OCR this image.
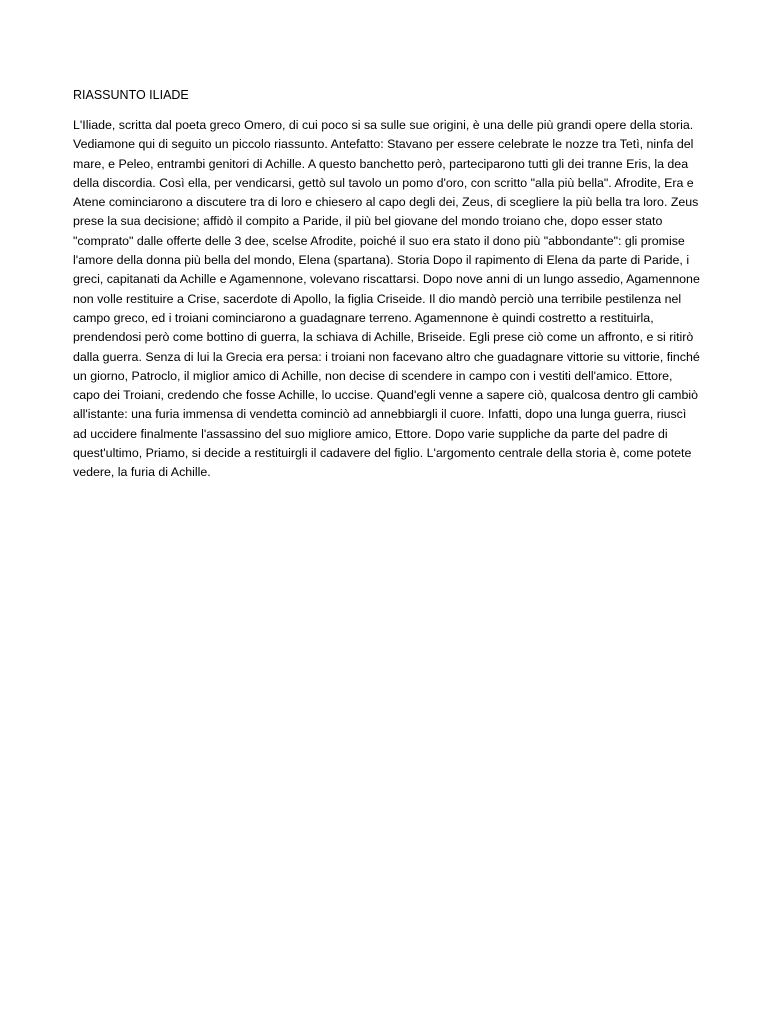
RIASSUNTO ILIADE

L'Iliade, scritta dal poeta greco Omero, di cui poco si sa sulle sue origini, è una delle più grandi opere della storia. Vediamone qui di seguito un piccolo riassunto. Antefatto: Stavano per essere celebrate le nozze tra Tetì, ninfa del mare, e Peleo, entrambi genitori di Achille. A questo banchetto però, parteciparono tutti gli dei tranne Eris, la dea della discordia. Così ella, per vendicarsi, gettò sul tavolo un pomo d'oro, con scritto "alla più bella". Afrodite, Era e Atene cominciarono a discutere tra di loro e chiesero al capo degli dei, Zeus, di scegliere la più bella tra loro. Zeus prese la sua decisione; affidò il compito a Paride, il più bel giovane del mondo troiano che, dopo esser stato "comprato" dalle offerte delle 3 dee, scelse Afrodite, poiché il suo era stato il dono più "abbondante": gli promise l'amore della donna più bella del mondo, Elena (spartana). Storia Dopo il rapimento di Elena da parte di Paride, i greci, capitanati da Achille e Agamennone, volevano riscattarsi. Dopo nove anni di un lungo assedio, Agamennone non volle restituire a Crise, sacerdote di Apollo, la figlia Criseide. Il dio mandò perciò una terribile pestilenza nel campo greco, ed i troiani cominciarono a guadagnare terreno. Agamennone è quindi costretto a restituirla, prendendosi però come bottino di guerra, la schiava di Achille, Briseide. Egli prese ciò come un affronto, e si ritirò dalla guerra. Senza di lui la Grecia era persa: i troiani non facevano altro che guadagnare vittorie su vittorie, finché un giorno, Patroclo, il miglior amico di Achille, non decise di scendere in campo con i vestiti dell'amico. Ettore, capo dei Troiani, credendo che fosse Achille, lo uccise. Quand'egli venne a sapere ciò, qualcosa dentro gli cambiò all'istante: una furia immensa di vendetta cominciò ad annebbiargli il cuore. Infatti, dopo una lunga guerra, riuscì ad uccidere finalmente l'assassino del suo migliore amico, Ettore. Dopo varie suppliche da parte del padre di quest'ultimo, Priamo, si decide a restituirgli il cadavere del figlio. L'argomento centrale della storia è, come potete vedere, la furia di Achille.
